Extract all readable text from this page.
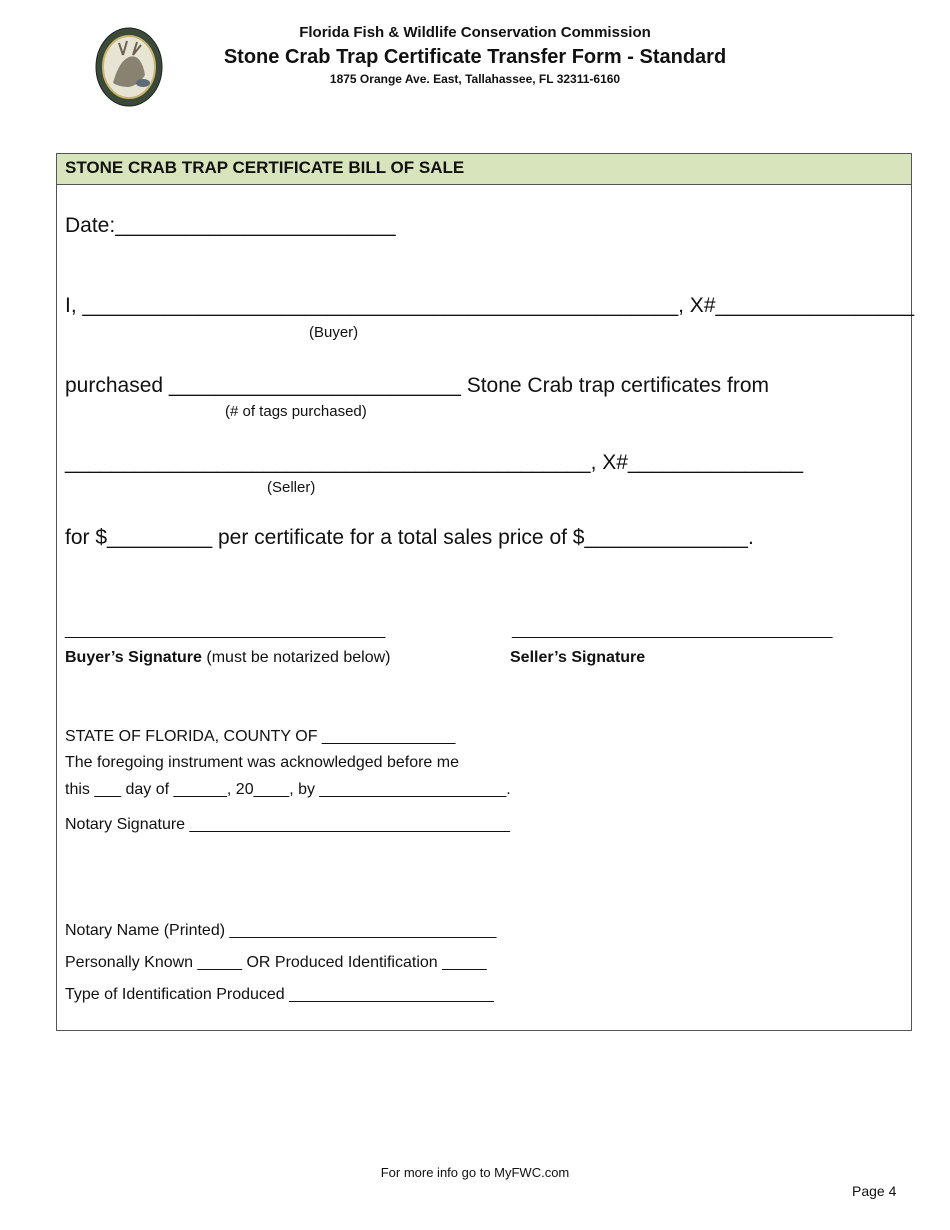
Florida Fish & Wildlife Conservation Commission
Stone Crab Trap Certificate Transfer Form - Standard
1875 Orange Ave. East, Tallahassee, FL 32311-6160
STONE CRAB TRAP CERTIFICATE BILL OF SALE
Date:________________________
I, ___________________________________________________, X#_________________
(Buyer)
purchased _________________________ Stone Crab trap certificates from
(# of tags purchased)
_____________________________________________, X#_______________
(Seller)
for $_________ per certificate for a total sales price of $______________.
____________________________________	____________________________________
Buyer’s Signature (must be notarized below)	Seller’s Signature
STATE OF FLORIDA, COUNTY OF _______________
The foregoing instrument was acknowledged before me
this ___ day of ______, 20____, by _____________________.
Notary Signature ____________________________________
Notary Name (Printed) ______________________________
Personally Known _____ OR Produced Identification _____
Type of Identification Produced _______________________
For more info go to MyFWC.com
Page 4
